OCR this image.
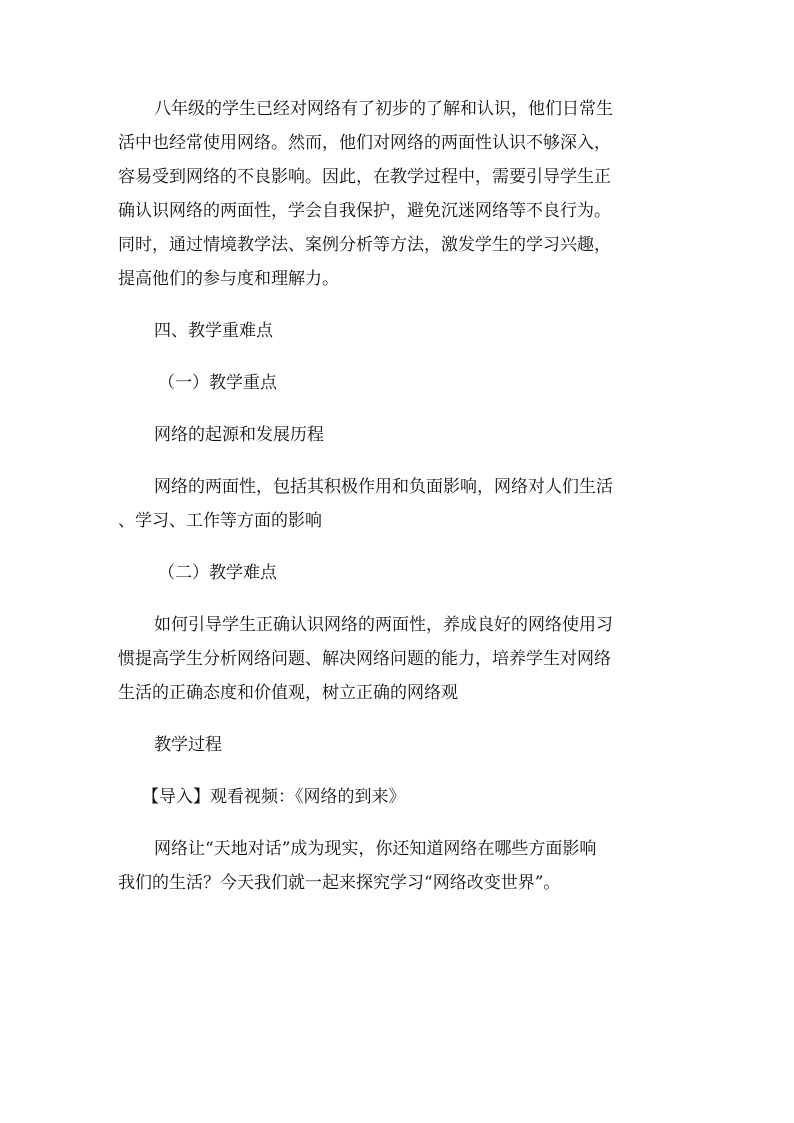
八年级的学生已经对网络有了初步的了解和认识，他们日常生
活中也经常使用网络。然而，他们对网络的两面性认识不够深入，
容易受到网络的不良影响。因此，在教学过程中，需要引导学生正
确认识网络的两面性，学会自我保护，避免沉迷网络等不良行为。
同时，通过情境教学法、案例分析等方法，激发学生的学习兴趣，
提高他们的参与度和理解力。

四、教学重难点

（一）教学重点

网络的起源和发展历程

网络的两面性，包括其积极作用和负面影响，网络对人们生活
、学习、工作等方面的影响

（二）教学难点

如何引导学生正确认识网络的两面性，养成良好的网络使用习
惯提高学生分析网络问题、解决网络问题的能力，培养学生对网络
生活的正确态度和价值观，树立正确的网络观

教学过程

【导入】观看视频：《网络的到来》

网络让“天地对话”成为现实，你还知道网络在哪些方面影响
我们的生活？今天我们就一起来探究学习“网络改变世界”。
